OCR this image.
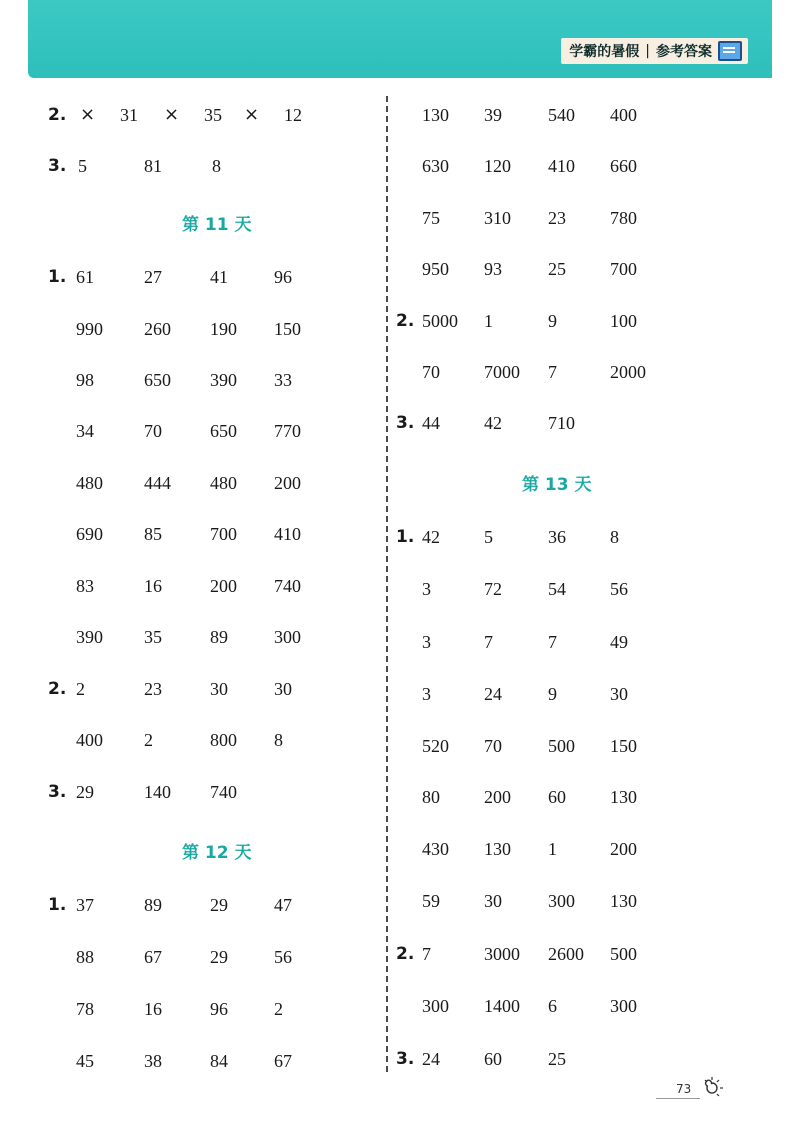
学霸的暑假 | 参考答案
2. × 31 × 35 × 12
3. 5	81	8
第 11 天
1. 61	27	41	96
990 260 190 150
98	650 390 33
34	70	650 770
480 444 480 200
690 85	700 410
83	16	200 740
390 35	89	300
2. 2	23	30	30
400 2	800 8
3. 29	140 740
第 12 天
1. 37	89	29	47
88	67	29	56
78	16	96	2
45	38	84	67
130 39	540 400
630 120 410 660
75 310 23 780
950 93	25 700
2. 5000 1	9	100
70 7000 7	2000
3. 44 42	710
第 13 天
1. 42 5	36 8
3	72	54 56
3	7	7	49
3	24	9	30
520 70	500 150
80 200 60 130
430 130 1	200
59 30	300 130
2. 7	3000 2600 500
300 1400 6	300
3. 24 60	25
73
